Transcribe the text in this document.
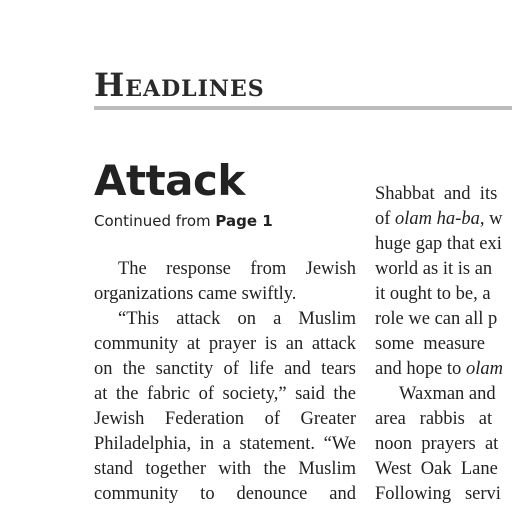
Headlines
Attack
Continued from Page 1
The response from Jewish
organizations came swiftly.
“This attack on a Muslim
community at prayer is an attack
on the sanctity of life and tears
at the fabric of society,” said the
Jewish Federation of Greater
Philadelphia, in a statement. “We
stand together with the Muslim
community to denounce and
Shabbat  and  its
of olam ha-ba, w
huge gap that exi
world as it is an
it ought to be, a
role we can all p
some  measure
and hope to olam
Waxman and
area   rabbis   at
noon  prayers  at
West  Oak  Lane
Following   servi
